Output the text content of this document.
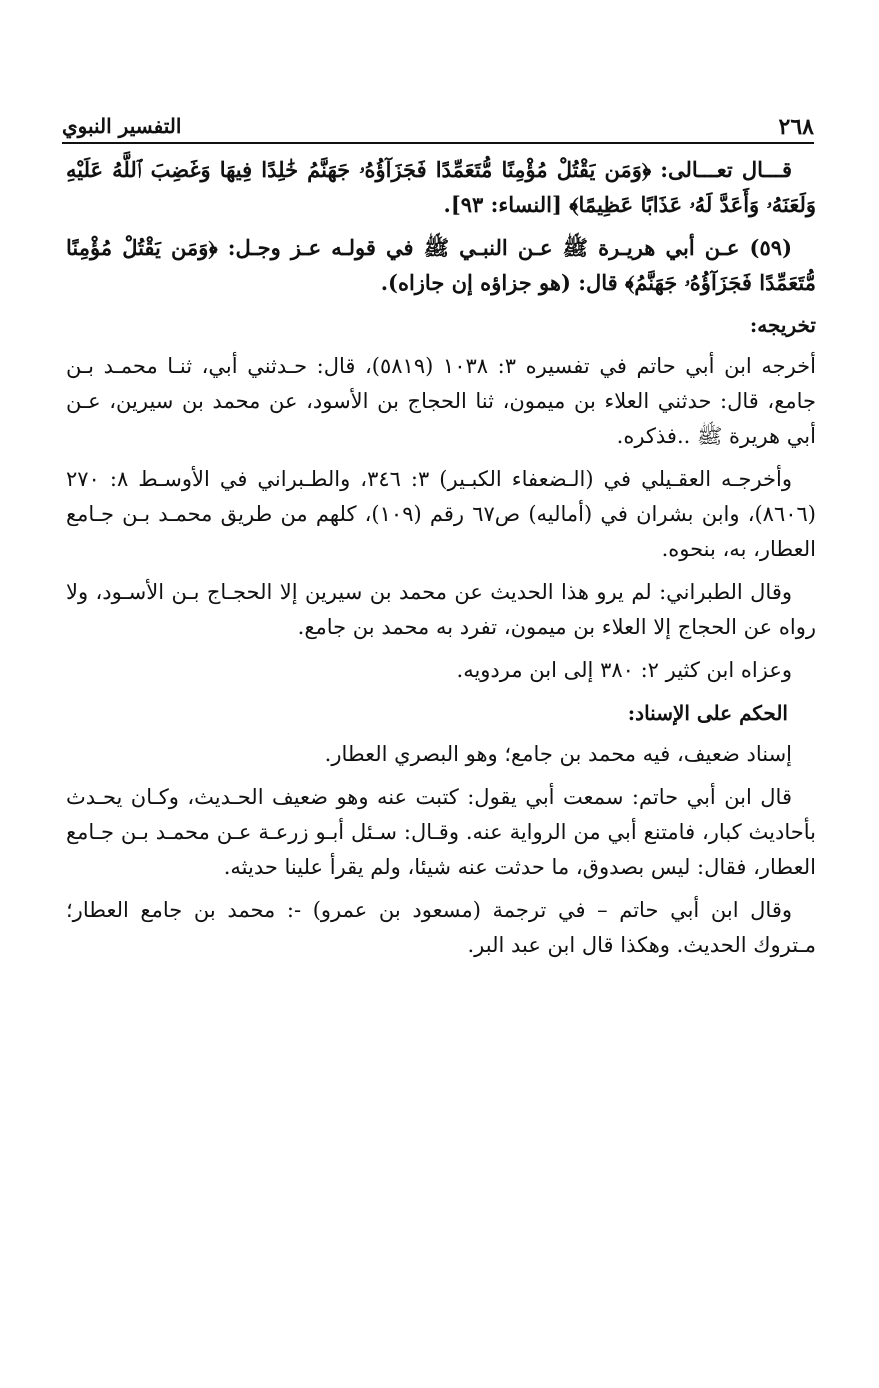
٢٦٨
التفسير النبوي

قـــال تعـــالى: ﴿وَمَن يَقْتُلْ مُؤْمِنًا مُّتَعَمِّدًا فَجَزَآؤُهُۥ جَهَنَّمُ خَٰلِدًا فِيهَا وَغَضِبَ ٱللَّهُ عَلَيْهِ وَلَعَنَهُۥ وَأَعَدَّ لَهُۥ عَذَابًا عَظِيمًا﴾ [النساء: ٩٣].

(٥٩) عـن أبي هريـرة ﷺ عـن النبـي ﷺ في قولـه عـز وجـل: ﴿وَمَن يَقْتُلْ مُؤْمِنًا مُّتَعَمِّدًا فَجَزَآؤُهُۥ جَهَنَّمُ﴾ قال: (هو جزاؤه إن جازاه).

تخريجه:

أخرجه ابن أبي حاتم في تفسيره ٣: ١٠٣٨ (٥٨١٩)، قال: حـدثني أبي، ثنـا محمـد بـن جامع، قال: حدثني العلاء بن ميمون، ثنا الحجاج بن الأسود، عن محمد بن سيرين، عـن أبي هريرة ﷺ ..فذكره.

وأخرجـه العقـيلي في (الـضعفاء الكبـير) ٣: ٣٤٦، والطـبراني في الأوسـط ٨: ٢٧٠ (٨٦٠٦)، وابن بشران في (أماليه) ص٦٧ رقم (١٠٩)، كلهم من طريق محمـد بـن جـامع العطار، به، بنحوه.

وقال الطبراني: لم يرو هذا الحديث عن محمد بن سيرين إلا الحجـاج بـن الأسـود، ولا رواه عن الحجاج إلا العلاء بن ميمون، تفرد به محمد بن جامع.

وعزاه ابن كثير ٢: ٣٨٠ إلى ابن مردويه.

الحكم على الإسناد:

إسناد ضعيف، فيه محمد بن جامع؛ وهو البصري العطار.

قال ابن أبي حاتم: سمعت أبي يقول: كتبت عنه وهو ضعيف الحـديث، وكـان يحـدث بأحاديث كبار، فامتنع أبي من الرواية عنه. وقـال: سـئل أبـو زرعـة عـن محمـد بـن جـامع العطار، فقال: ليس بصدوق، ما حدثت عنه شيئا، ولم يقرأ علينا حديثه.

وقال ابن أبي حاتم – في ترجمة (مسعود بن عمرو) -: محمد بن جامع العطار؛ مـتروك الحديث. وهكذا قال ابن عبد البر.
